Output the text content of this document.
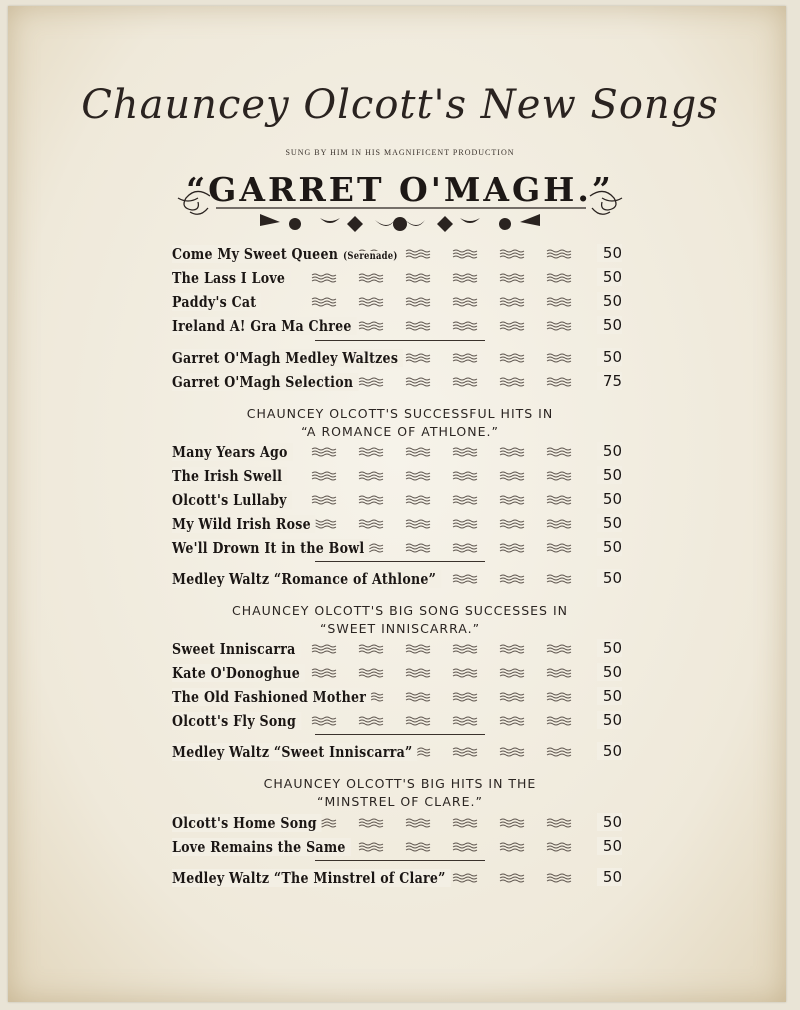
Chauncey Olcott's New Songs
SUNG BY HIM IN HIS MAGNIFICENT PRODUCTION
“GARRET O'MAGH.”
Come My Sweet Queen (Serenade)	50
The Lass I Love	50
Paddy's Cat	50
Ireland A! Gra Ma Chree	50
Garret O'Magh Medley Waltzes	50
Garret O'Magh Selection	75
CHAUNCEY OLCOTT'S SUCCESSFUL HITS IN
“A ROMANCE OF ATHLONE.”
Many Years Ago	50
The Irish Swell	50
Olcott's Lullaby	50
My Wild Irish Rose	50
We'll Drown It in the Bowl	50
Medley Waltz “Romance of Athlone”	50
CHAUNCEY OLCOTT'S BIG SONG SUCCESSES IN
“SWEET INNISCARRA.”
Sweet Inniscarra	50
Kate O'Donoghue	50
The Old Fashioned Mother	50
Olcott's Fly Song	50
Medley Waltz “Sweet Inniscarra”	50
CHAUNCEY OLCOTT'S BIG HITS IN THE
“MINSTREL OF CLARE.”
Olcott's Home Song	50
Love Remains the Same	50
Medley Waltz “The Minstrel of Clare”	50
